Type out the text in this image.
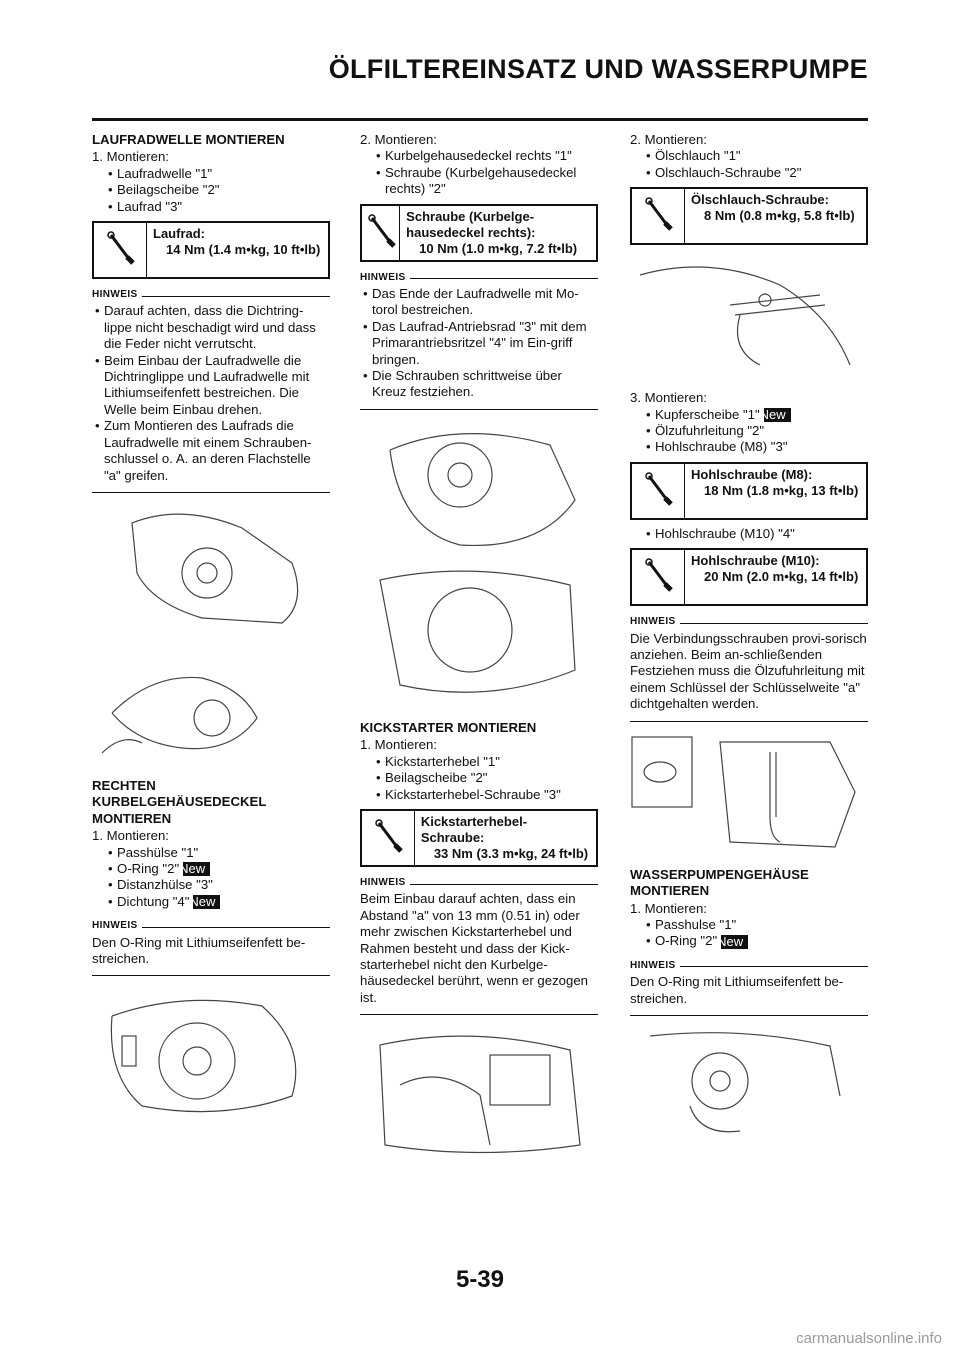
ÖLFILTEREINSATZ UND WASSERPUMPE
LAUFRADWELLE MONTIEREN
1. Montieren:
• Laufradwelle "1"
• Beilagscheibe "2"
• Laufrad "3"
Laufrad:
14 Nm (1.4 m•kg, 10 ft•lb)
HINWEIS
• Darauf achten, dass die Dichtring-lippe nicht beschadigt wird und dass die Feder nicht verrutscht.
• Beim Einbau der Laufradwelle die Dichtringlippe und Laufradwelle mit Lithiumseifenfett bestreichen. Die Welle beim Einbau drehen.
• Zum Montieren des Laufrads die Laufradwelle mit einem Schrauben-schlussel o. A. an deren Flachstelle "a" greifen.
RECHTEN KURBELGEHÄUSEDECKEL MONTIEREN
1. Montieren:
• Passhülse "1"
• O-Ring "2"New
• Distanzhülse "3"
• Dichtung "4"New
HINWEIS
Den O-Ring mit Lithiumseifenfett be-streichen.
2. Montieren:
• Kurbelgehausedeckel rechts "1"
• Schraube (Kurbelgehausedeckel rechts) "2"
Schraube (Kurbelge-hausedeckel rechts):
10 Nm (1.0 m•kg, 7.2 ft•lb)
HINWEIS
• Das Ende der Laufradwelle mit Mo-torol bestreichen.
• Das Laufrad-Antriebsrad "3" mit dem Primarantriebsritzel "4" im Ein-griff bringen.
• Die Schrauben schrittweise über Kreuz festziehen.
KICKSTARTER MONTIEREN
1. Montieren:
• Kickstarterhebel "1"
• Beilagscheibe "2"
• Kickstarterhebel-Schraube "3"
Kickstarterhebel-Schraube:
33 Nm (3.3 m•kg, 24 ft•lb)
HINWEIS
Beim Einbau darauf achten, dass ein Abstand "a" von 13 mm (0.51 in) oder mehr zwischen Kickstarterhebel und Rahmen besteht und dass der Kick-starterhebel nicht den Kurbelge-häusedeckel berührt, wenn er gezogen ist.
2. Montieren:
• Ölschlauch "1"
• Olschlauch-Schraube "2"
Ölschlauch-Schraube:
8 Nm (0.8 m•kg, 5.8 ft•lb)
3. Montieren:
• Kupferscheibe "1"New
• Ölzufuhrleitung "2"
• Hohlschraube (M8) "3"
Hohlschraube (M8):
18 Nm (1.8 m•kg, 13 ft•lb)
• Hohlschraube (M10) "4"
Hohlschraube (M10):
20 Nm (2.0 m•kg, 14 ft•lb)
HINWEIS
Die Verbindungsschrauben provi-sorisch anziehen. Beim an-schließenden Festziehen muss die Ölzufuhrleitung mit einem Schlüssel der Schlüsselweite "a" dichtgehalten werden.
WASSERPUMPENGEHÄUSE MONTIEREN
1. Montieren:
• Passhulse "1"
• O-Ring "2"New
HINWEIS
Den O-Ring mit Lithiumseifenfett be-streichen.
5-39
carmanualsonline.info
